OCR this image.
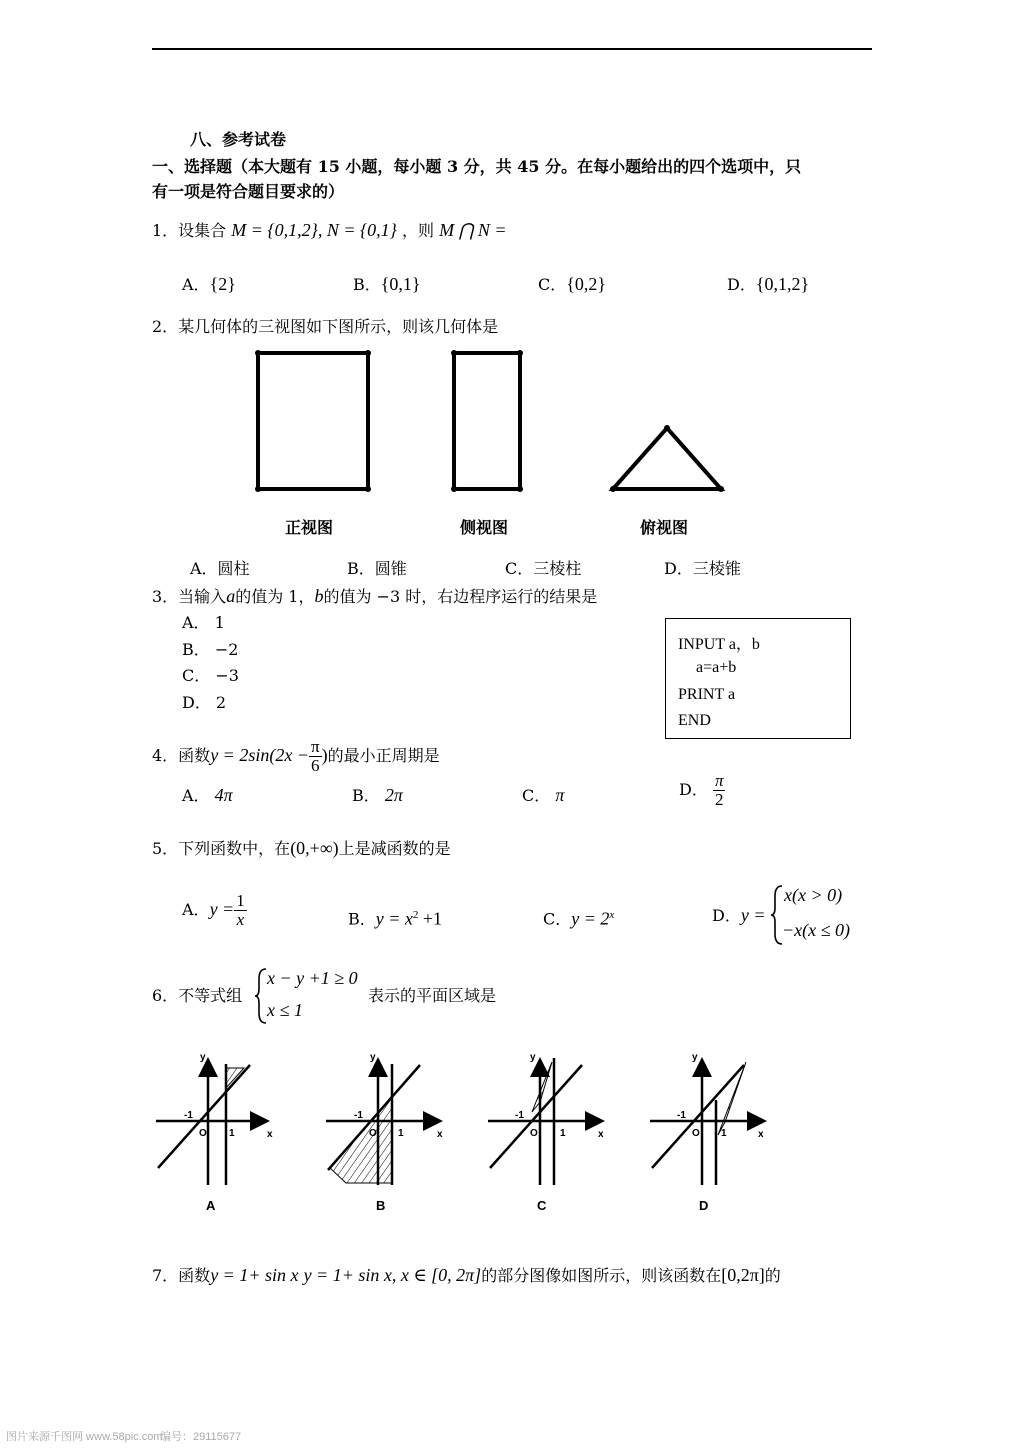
八、参考试卷
一、选择题（本大题有 15 小题，每小题 3 分，共 45 分。在每小题给出的四个选项中，只
有一项是符合题目要求的）
1．设集合 M = {0,1,2}, N = {0,1} ，则 M ⋂ N =
A．{2}	B．{0,1}	C．{0,2}	D．{0,1,2}
2．某几何体的三视图如下图所示，则该几何体是
正视图	侧视图	俯视图
A．圆柱	B．圆锥	C．三棱柱	D．三棱锥
3．当输入a的值为 1，b的值为 −3 时，右边程序运行的结果是
A． 1
B． −2
C． −3
D． 2
INPUT a，b
a=a+b
PRINT a
END
4．函数$y = 2\sin(2x - \frac{\pi}{6}$ )的最小正周期是
A． 4π	B． 2π	C． π	D． $\frac{\pi}{2}$
5．下列函数中，在(0,+∞)上是减函数的是
A．$y = \frac{1}{x}$	B．$y = x^2 +1$	C．$y = 2^x$	D．y =
x(x > 0)
−x(x ≤ 0)
6．不等式组
x − y +1 ≥ 0
x ≤ 1
表示的平面区域是
y
x
O 1
-1
A
y
x
O 1
-1
B
y
x
O 1
-1
C
y
x
O 1
-1
D
7．函数y = 1+ sin x y = 1+ sin x, x ∈ [0, 2π]的部分图像如图所示，则该函数在[0,2π]的
图片来源千图网 www.58pic.com
编号：29115677
